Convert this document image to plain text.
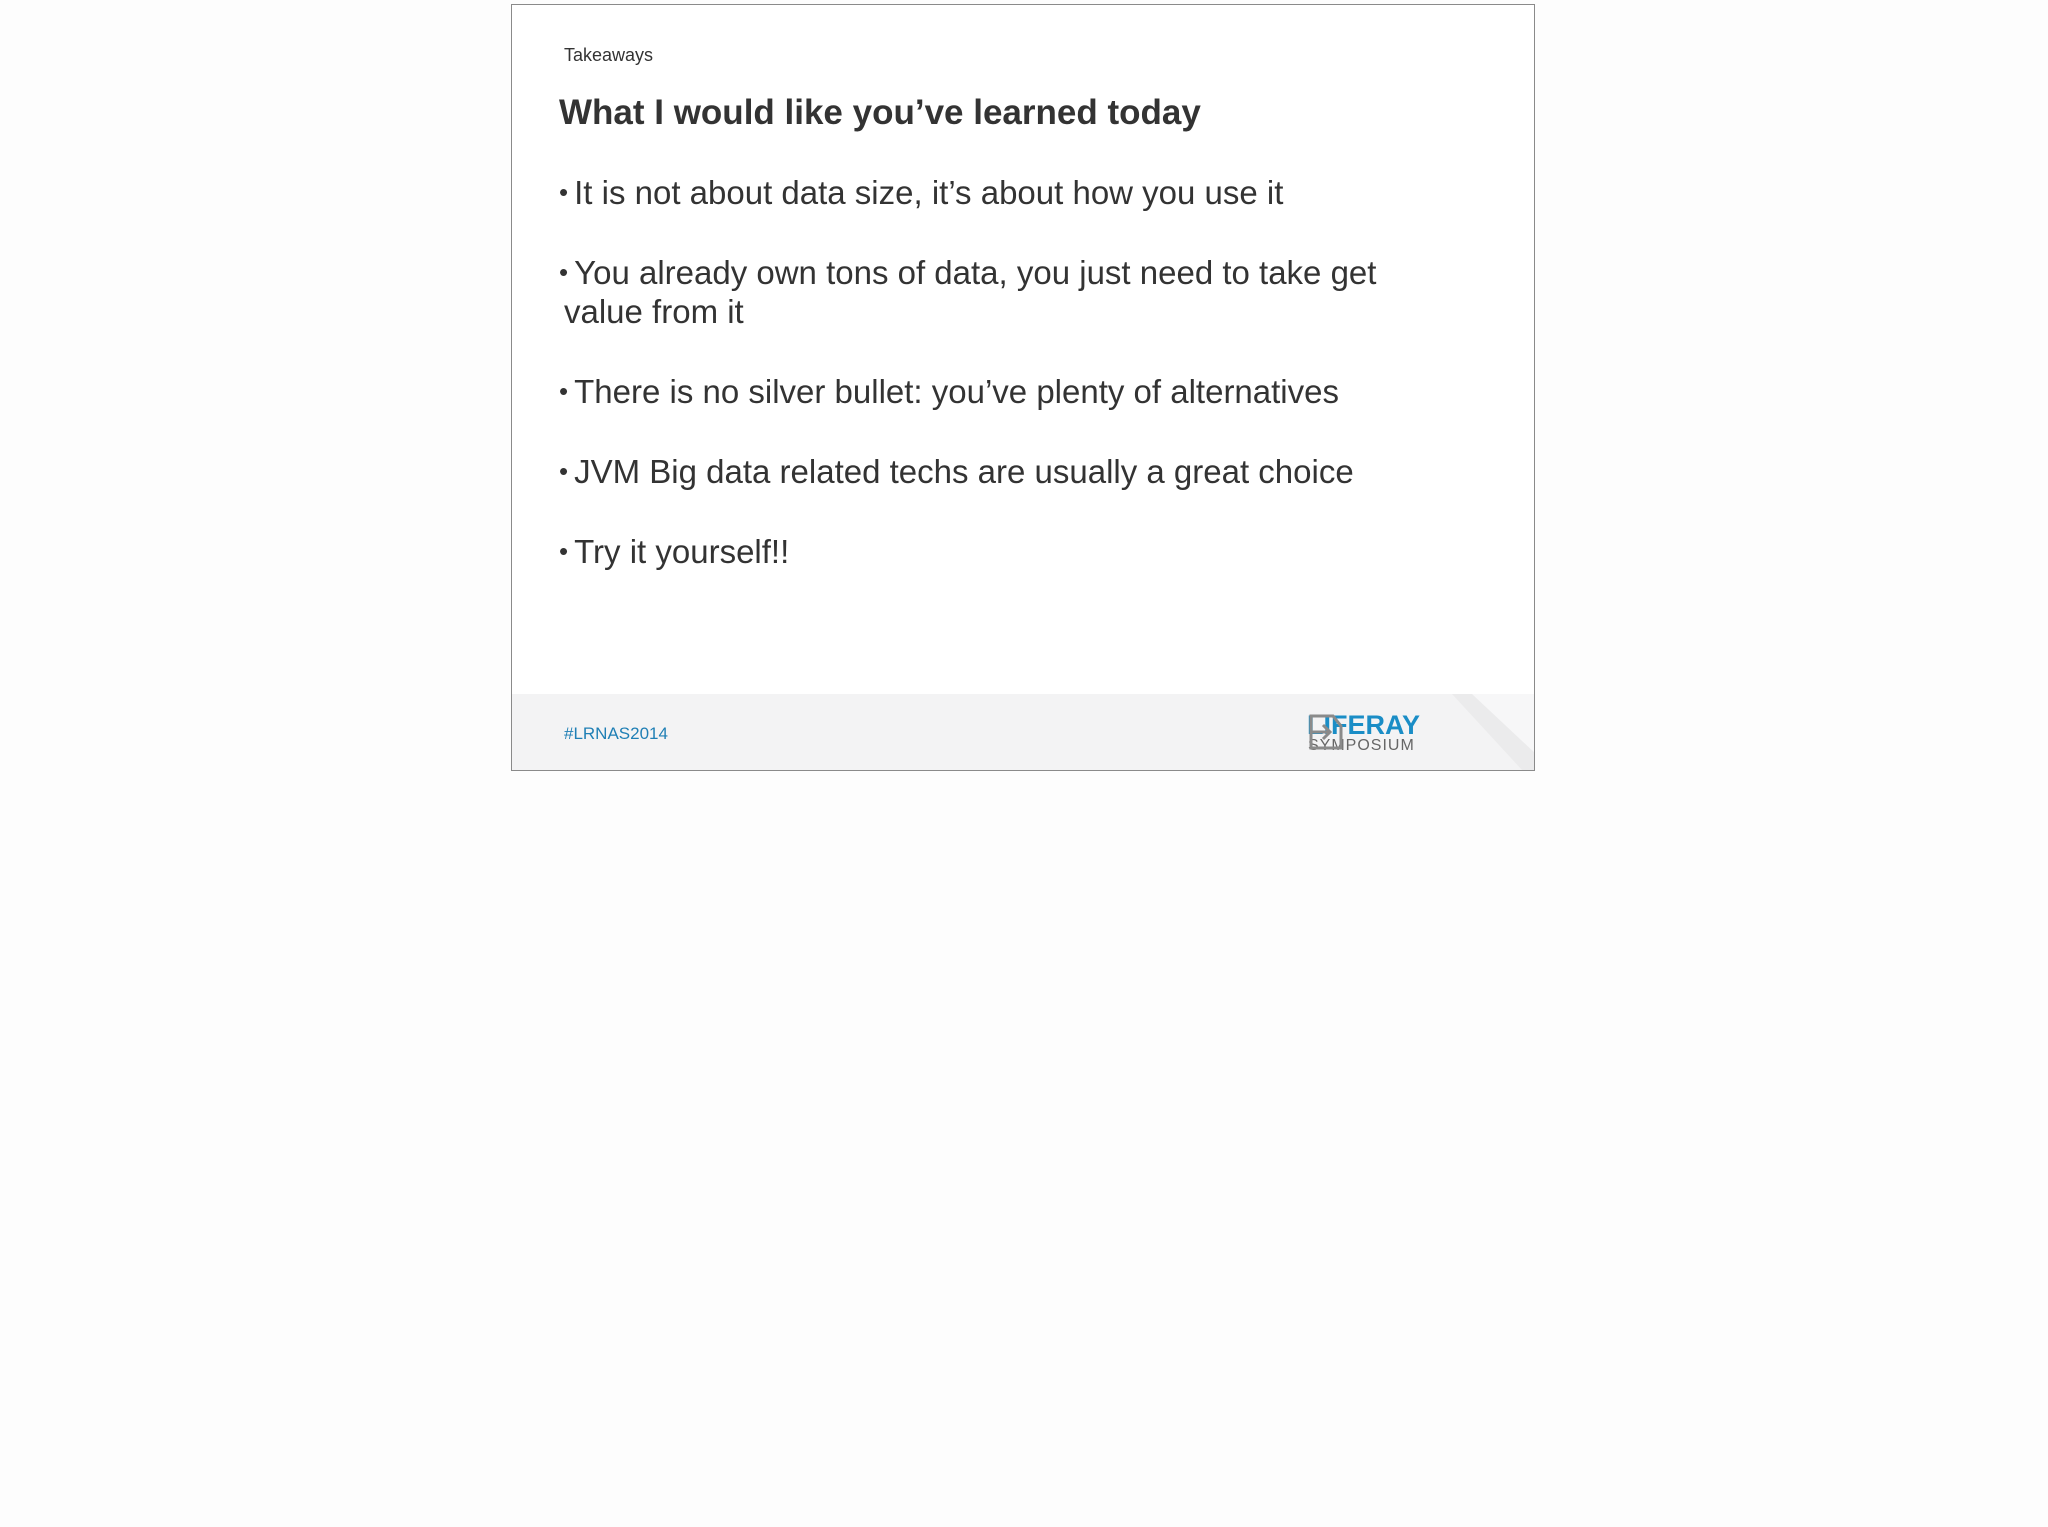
Takeaways
What I would like you’ve learned today
• It is not about data size, it’s about how you use it
• You already own tons of data, you just need to take get value from it
• There is no silver bullet: you’ve plenty of alternatives
• JVM Big data related techs are usually a great choice
• Try it yourself!!
#LRNAS2014	LIFERAY
SYMPOSIUM
